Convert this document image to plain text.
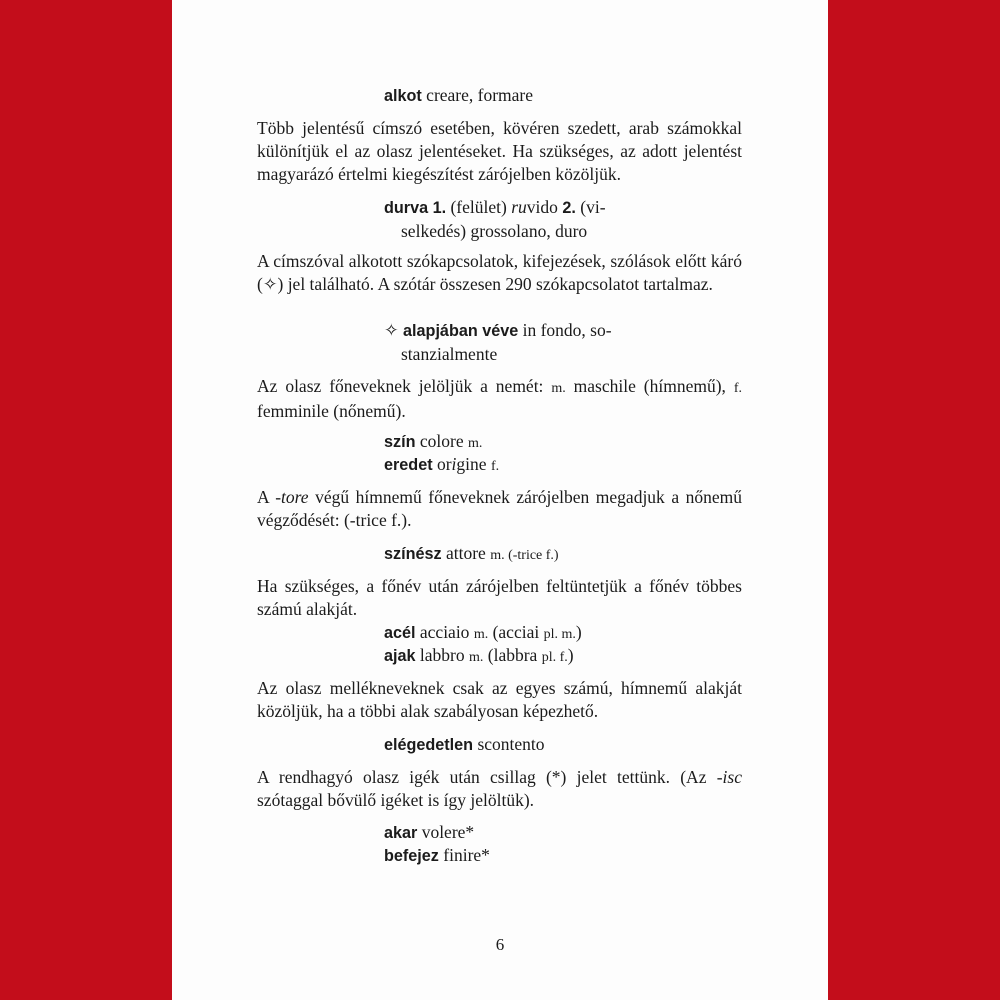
alkot creare, formare

Több jelentésű címszó esetében, kövéren szedett, arab számokkal különítjük el az olasz jelentéseket. Ha szükséges, az adott jelentést magyarázó értelmi kiegészítést zárójelben közöljük.

durva 1. (felület) ruvido 2. (vi-
selkedés) grossolano, duro

A címszóval alkotott szókapcsolatok, kifejezések, szólások előtt káró (✧) jel található. A szótár összesen 290 szókapcsolatot tartalmaz.

✧ alapjában véve in fondo, so-
stanzialmente

Az olasz főneveknek jelöljük a nemét: m. maschile (hímnemű), f. femminile (nőnemű).

szín colore m.

eredet origine f.

A -tore végű hímnemű főneveknek zárójelben megadjuk a nőnemű végződését: (-trice f.).

színész attore m. (-trice f.)

Ha szükséges, a főnév után zárójelben feltüntetjük a főnév többes számú alakját.

acél acciaio m. (acciai pl. m.)

ajak labbro m. (labbra pl. f.)

Az olasz mellékneveknek csak az egyes számú, hímnemű alakját közöljük, ha a többi alak szabályosan képezhető.

elégedetlen scontento

A rendhagyó olasz igék után csillag (*) jelet tettünk. (Az -isc szótaggal bővülő igéket is így jelöltük).

akar volere*

befejez finire*

6
